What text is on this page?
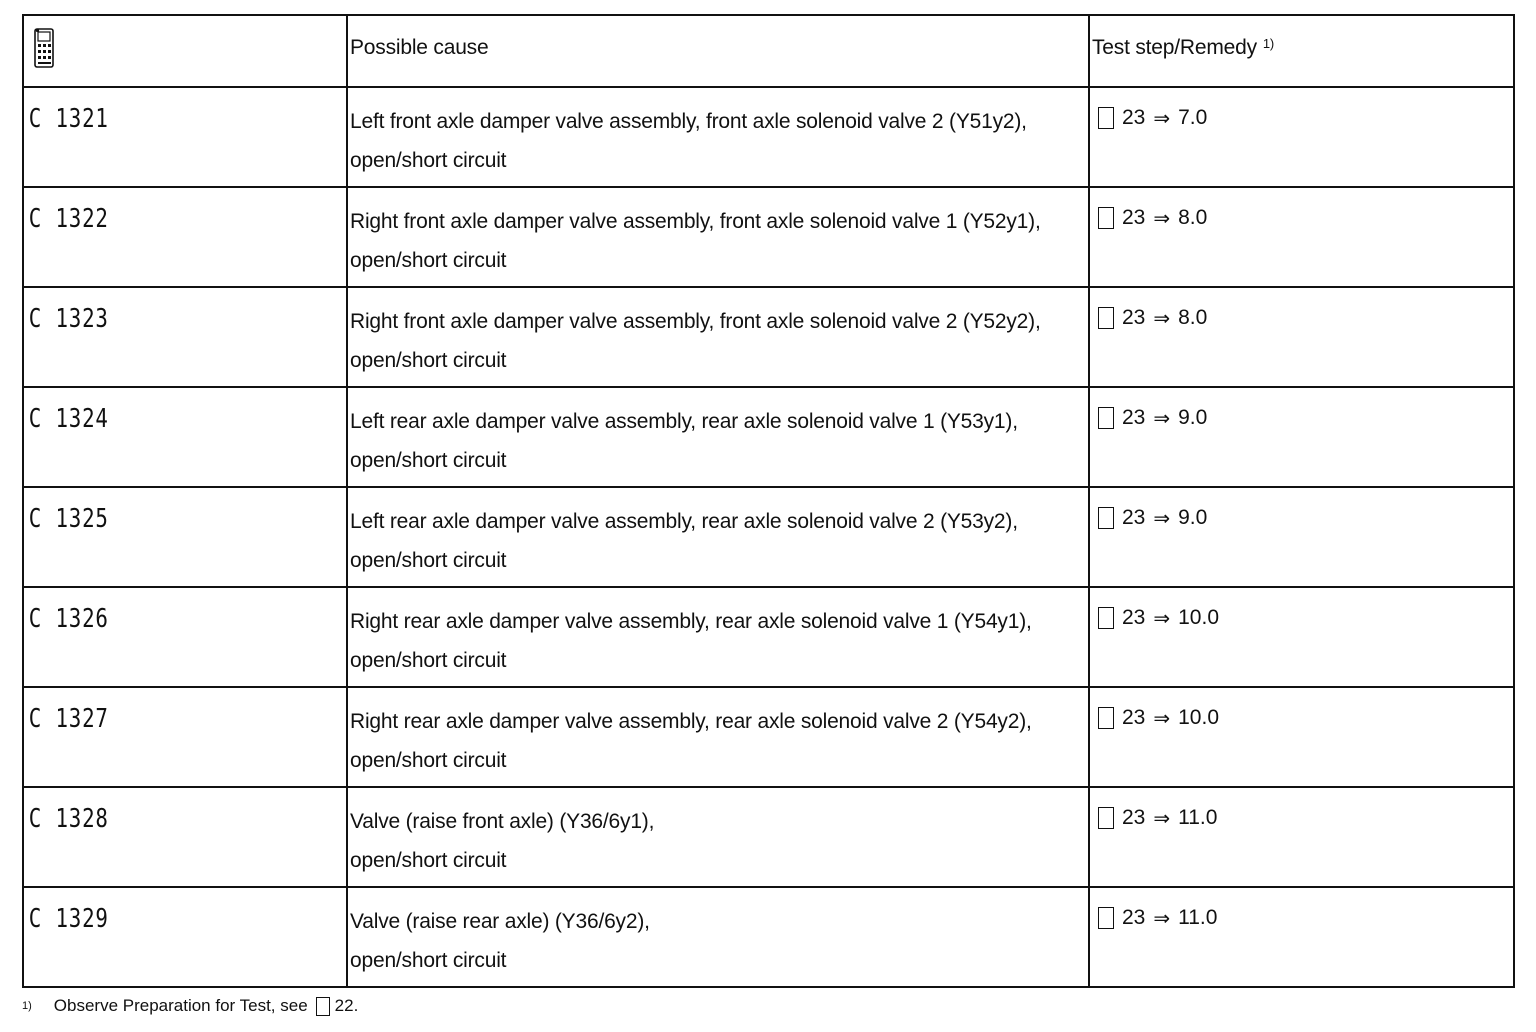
Possible cause	Test step/Remedy $^{1)}$

C 1321	Left front axle damper valve assembly, front axle solenoid valve 2 (Y51y2),
open/short circuit	23 ⇒ 7.0

C 1322	Right front axle damper valve assembly, front axle solenoid valve 1 (Y52y1),
open/short circuit	23 ⇒ 8.0

C 1323	Right front axle damper valve assembly, front axle solenoid valve 2 (Y52y2),
open/short circuit	23 ⇒ 8.0

C 1324	Left rear axle damper valve assembly, rear axle solenoid valve 1 (Y53y1),
open/short circuit	23 ⇒ 9.0

C 1325	Left rear axle damper valve assembly, rear axle solenoid valve 2 (Y53y2),
open/short circuit	23 ⇒ 9.0

C 1326	Right rear axle damper valve assembly, rear axle solenoid valve 1 (Y54y1),
open/short circuit	23 ⇒ 10.0

C 1327	Right rear axle damper valve assembly, rear axle solenoid valve 2 (Y54y2),
open/short circuit	23 ⇒ 10.0

C 1328	Valve (raise front axle) (Y36/6y1),
open/short circuit	23 ⇒ 11.0

C 1329	Valve (raise rear axle) (Y36/6y2),
open/short circuit	23 ⇒ 11.0
1) Observe Preparation for Test, see 22.
